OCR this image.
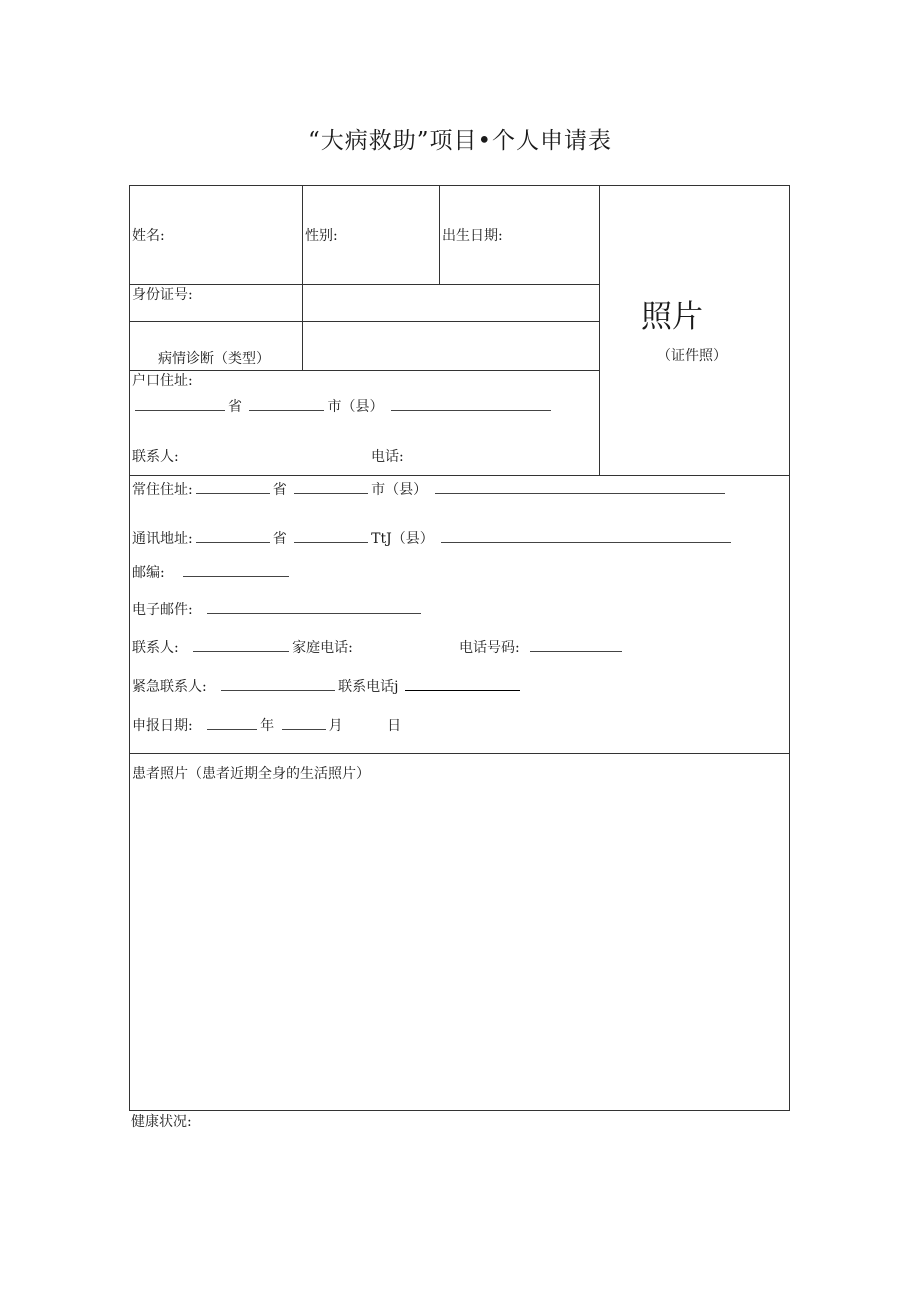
“大病救助”项目•个人申请表
姓名:	性别:	出生日期:
照片
（证件照）
身份证号:
病情诊断（类型）
户口住址:
省	市（县）
联系人:	电话:
常住住址:	省	市（县）
通讯地址:	省	TtJ（县）
邮编:
电子邮件:
联系人:	家庭电话:	电话号码:
紧急联系人:	联系电话j
申报日期:	年	月	日
患者照片（患者近期全身的生活照片）
健康状况:
